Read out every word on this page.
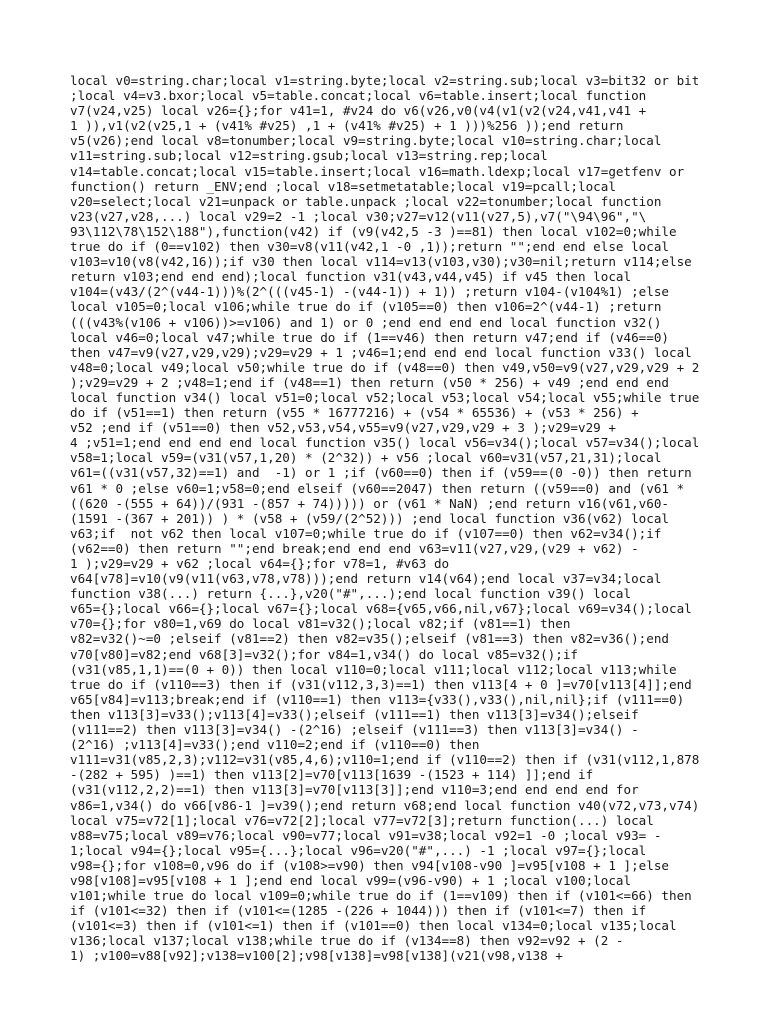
local v0=string.char;local v1=string.byte;local v2=string.sub;local v3=bit32 or bit
;local v4=v3.bxor;local v5=table.concat;local v6=table.insert;local function
v7(v24,v25) local v26={};for v41=1, #v24 do v6(v26,v0(v4(v1(v2(v24,v41,v41 +
1 )),v1(v2(v25,1 + (v41% #v25) ,1 + (v41% #v25) + 1 )))%256 ));end return
v5(v26);end local v8=tonumber;local v9=string.byte;local v10=string.char;local
v11=string.sub;local v12=string.gsub;local v13=string.rep;local
v14=table.concat;local v15=table.insert;local v16=math.ldexp;local v17=getfenv or
function() return _ENV;end ;local v18=setmetatable;local v19=pcall;local
v20=select;local v21=unpack or table.unpack ;local v22=tonumber;local function
v23(v27,v28,...) local v29=2 -1 ;local v30;v27=v12(v11(v27,5),v7("\94\96","\
93\112\78\152\188"),function(v42) if (v9(v42,5 -3 )==81) then local v102=0;while
true do if (0==v102) then v30=v8(v11(v42,1 -0 ,1));return "";end end else local
v103=v10(v8(v42,16));if v30 then local v114=v13(v103,v30);v30=nil;return v114;else
return v103;end end end);local function v31(v43,v44,v45) if v45 then local
v104=(v43/(2^(v44-1)))%(2^(((v45-1) -(v44-1)) + 1)) ;return v104-(v104%1) ;else
local v105=0;local v106;while true do if (v105==0) then v106=2^(v44-1) ;return
(((v43%(v106 + v106))>=v106) and 1) or 0 ;end end end end local function v32()
local v46=0;local v47;while true do if (1==v46) then return v47;end if (v46==0)
then v47=v9(v27,v29,v29);v29=v29 + 1 ;v46=1;end end end local function v33() local
v48=0;local v49;local v50;while true do if (v48==0) then v49,v50=v9(v27,v29,v29 + 2
);v29=v29 + 2 ;v48=1;end if (v48==1) then return (v50 * 256) + v49 ;end end end
local function v34() local v51=0;local v52;local v53;local v54;local v55;while true
do if (v51==1) then return (v55 * 16777216) + (v54 * 65536) + (v53 * 256) +
v52 ;end if (v51==0) then v52,v53,v54,v55=v9(v27,v29,v29 + 3 );v29=v29 +
4 ;v51=1;end end end end local function v35() local v56=v34();local v57=v34();local
v58=1;local v59=(v31(v57,1,20) * (2^32)) + v56 ;local v60=v31(v57,21,31);local
v61=((v31(v57,32)==1) and  -1) or 1 ;if (v60==0) then if (v59==(0 -0)) then return
v61 * 0 ;else v60=1;v58=0;end elseif (v60==2047) then return ((v59==0) and (v61 *
((620 -(555 + 64))/(931 -(857 + 74))))) or (v61 * NaN) ;end return v16(v61,v60-
(1591 -(367 + 201)) ) * (v58 + (v59/(2^52))) ;end local function v36(v62) local
v63;if  not v62 then local v107=0;while true do if (v107==0) then v62=v34();if
(v62==0) then return "";end break;end end end v63=v11(v27,v29,(v29 + v62) -
1 );v29=v29 + v62 ;local v64={};for v78=1, #v63 do
v64[v78]=v10(v9(v11(v63,v78,v78)));end return v14(v64);end local v37=v34;local
function v38(...) return {...},v20("#",...);end local function v39() local
v65={};local v66={};local v67={};local v68={v65,v66,nil,v67};local v69=v34();local
v70={};for v80=1,v69 do local v81=v32();local v82;if (v81==1) then
v82=v32()~=0 ;elseif (v81==2) then v82=v35();elseif (v81==3) then v82=v36();end
v70[v80]=v82;end v68[3]=v32();for v84=1,v34() do local v85=v32();if
(v31(v85,1,1)==(0 + 0)) then local v110=0;local v111;local v112;local v113;while
true do if (v110==3) then if (v31(v112,3,3)==1) then v113[4 + 0 ]=v70[v113[4]];end
v65[v84]=v113;break;end if (v110==1) then v113={v33(),v33(),nil,nil};if (v111==0)
then v113[3]=v33();v113[4]=v33();elseif (v111==1) then v113[3]=v34();elseif
(v111==2) then v113[3]=v34() -(2^16) ;elseif (v111==3) then v113[3]=v34() -
(2^16) ;v113[4]=v33();end v110=2;end if (v110==0) then
v111=v31(v85,2,3);v112=v31(v85,4,6);v110=1;end if (v110==2) then if (v31(v112,1,878
-(282 + 595) )==1) then v113[2]=v70[v113[1639 -(1523 + 114) ]];end if
(v31(v112,2,2)==1) then v113[3]=v70[v113[3]];end v110=3;end end end end for
v86=1,v34() do v66[v86-1 ]=v39();end return v68;end local function v40(v72,v73,v74)
local v75=v72[1];local v76=v72[2];local v77=v72[3];return function(...) local
v88=v75;local v89=v76;local v90=v77;local v91=v38;local v92=1 -0 ;local v93= -
1;local v94={};local v95={...};local v96=v20("#",...) -1 ;local v97={};local
v98={};for v108=0,v96 do if (v108>=v90) then v94[v108-v90 ]=v95[v108 + 1 ];else
v98[v108]=v95[v108 + 1 ];end end local v99=(v96-v90) + 1 ;local v100;local
v101;while true do local v109=0;while true do if (1==v109) then if (v101<=66) then
if (v101<=32) then if (v101<=(1285 -(226 + 1044))) then if (v101<=7) then if
(v101<=3) then if (v101<=1) then if (v101==0) then local v134=0;local v135;local
v136;local v137;local v138;while true do if (v134==8) then v92=v92 + (2 -
1) ;v100=v88[v92];v138=v100[2];v98[v138]=v98[v138](v21(v98,v138 +
